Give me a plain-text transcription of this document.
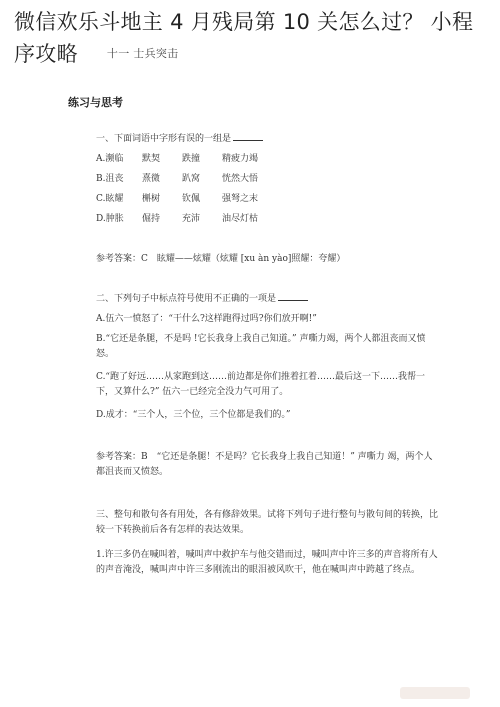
微信欢乐斗地主 4 月残局第 10 关怎么过？ 小程序攻略	十一 士兵突击
练习与思考
一、下面词语中字形有误的一组是
A.濒临 默契 跌撞 精疲力竭
B.沮丧 熹微 趴窝 恍然大悟
C.眩耀 槲树 钦佩 强弩之末
D.肿胀 倔持 充沛 油尽灯枯
参考答案：C　眩耀——炫耀（炫耀 [xu àn yào]照耀：夸耀）
二、下列句子中标点符号使用不正确的一项是
A.伍六一愤怒了：“干什么?这样跑得过吗?你们放开啊!”
B.“它还是条腿，不是吗 !它长我身上我自己知道。” 声嘶力竭，两个人都沮丧而又愤怒。
C.“跑了好远……从家跑到这……前边都是你们推着扛着……最后这一下……我帮一下，又算什么?” 伍六一已经完全没力气可用了。
D.成才：“三个人，三个位，三个位都是我们的。”
参考答案：B　“它还是条腿！不是吗？它长我身上我自己知道！” 声嘶力 竭，两个人都沮丧而又愤怒。
三、整句和散句各有用处，各有修辞效果。试将下列句子进行整句与散句间的转换，比较一下转换前后各有怎样的表达效果。
1.许三多仍在喊叫着，喊叫声中救护车与他交错而过，喊叫声中许三多的声音将所有人的声音淹没，喊叫声中许三多刚流出的眼泪被风吹干，他在喊叫声中跨越了终点。
